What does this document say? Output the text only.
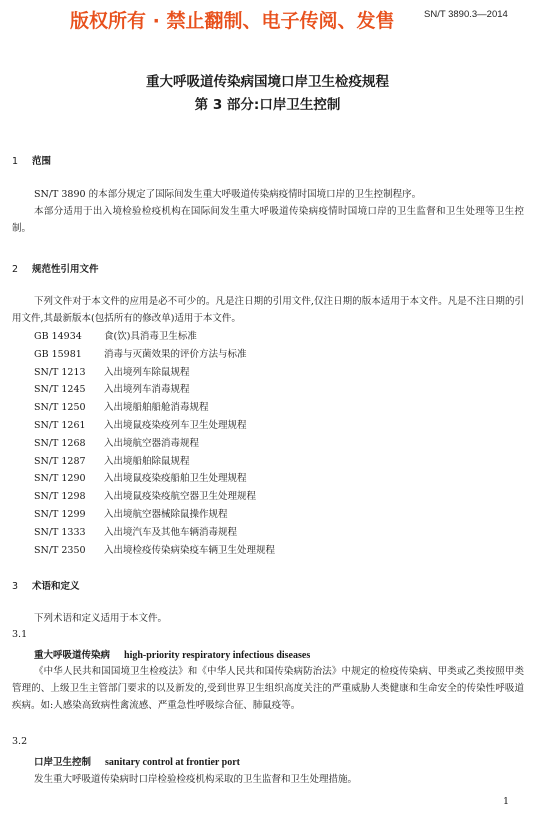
版权所有 · 禁止翻制、电子传阅、发售	SN/T 3890.3—2014
重大呼吸道传染病国境口岸卫生检疫规程
第 3 部分:口岸卫生控制
1 范围
SN/T 3890 的本部分规定了国际间发生重大呼吸道传染病疫情时国境口岸的卫生控制程序。
本部分适用于出入境检验检疫机构在国际间发生重大呼吸道传染病疫情时国境口岸的卫生监督和卫生处理等卫生控制。
2 规范性引用文件
下列文件对于本文件的应用是必不可少的。凡是注日期的引用文件,仅注日期的版本适用于本文件。凡是不注日期的引用文件,其最新版本(包括所有的修改单)适用于本文件。
GB 14934 食(饮)具消毒卫生标准
GB 15981 消毒与灭菌效果的评价方法与标准
SN/T 1213 入出境列车除鼠规程
SN/T 1245 入出境列车消毒规程
SN/T 1250 入出境船舶船舱消毒规程
SN/T 1261 入出境鼠疫染疫列车卫生处理规程
SN/T 1268 入出境航空器消毒规程
SN/T 1287 入出境船舶除鼠规程
SN/T 1290 入出境鼠疫染疫船舶卫生处理规程
SN/T 1298 入出境鼠疫染疫航空器卫生处理规程
SN/T 1299 入出境航空器械除鼠操作规程
SN/T 1333 入出境汽车及其他车辆消毒规程
SN/T 2350 入出境检疫传染病染疫车辆卫生处理规程
3 术语和定义
下列术语和定义适用于本文件。
3.1
重大呼吸道传染病 high-priority respiratory infectious diseases
《中华人民共和国国境卫生检疫法》和《中华人民共和国传染病防治法》中规定的检疫传染病、甲类或乙类按照甲类管理的、上级卫生主管部门要求的以及新发的,受到世界卫生组织高度关注的严重威胁人类健康和生命安全的传染性呼吸道疾病。如:人感染高致病性禽流感、严重急性呼吸综合征、肺鼠疫等。
3.2
口岸卫生控制 sanitary control at frontier port
发生重大呼吸道传染病时口岸检验检疫机构采取的卫生监督和卫生处理措施。
1
